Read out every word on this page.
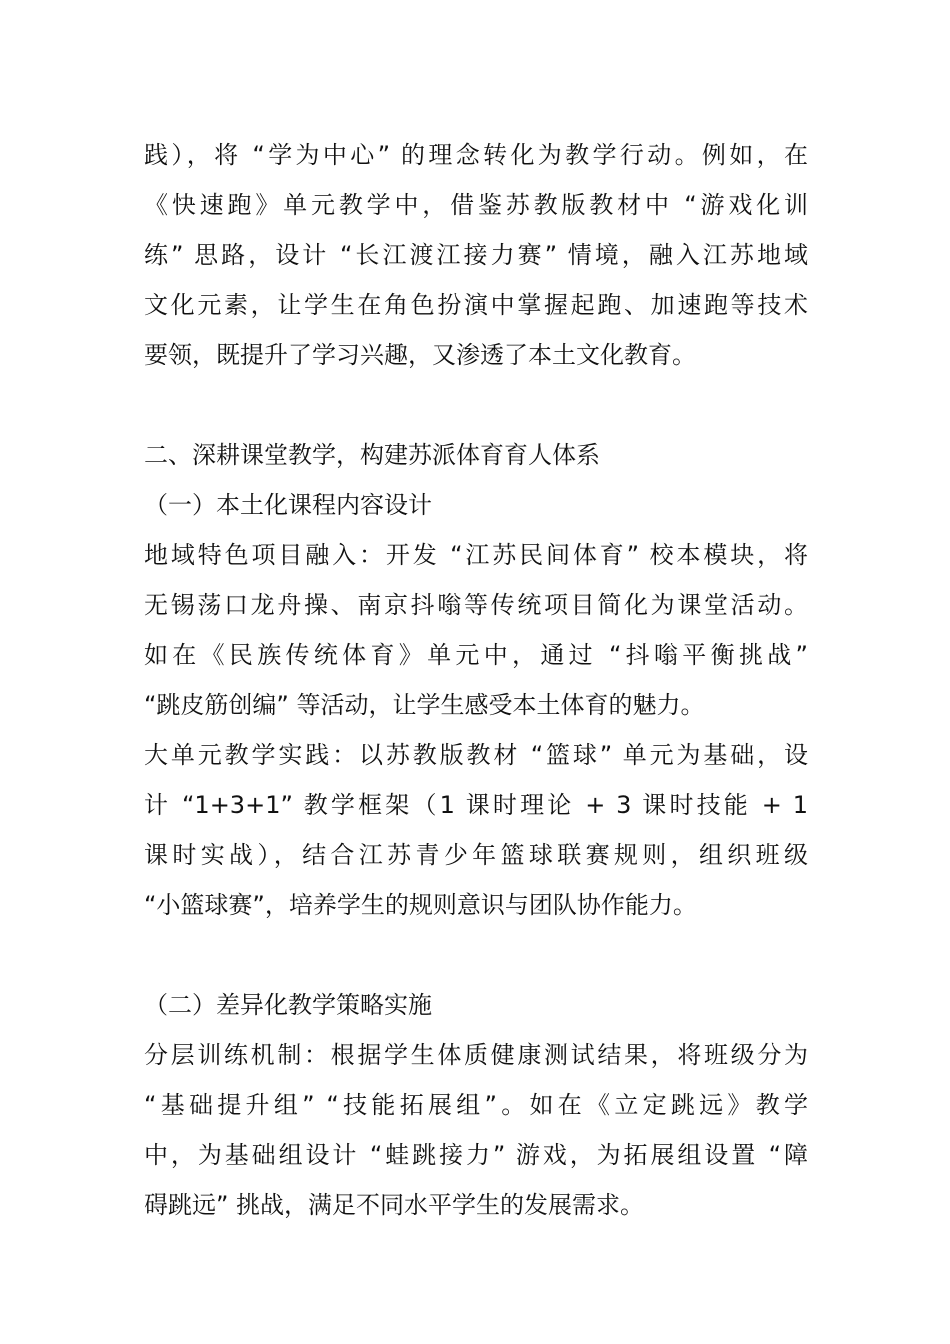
践），将 “学为中心” 的理念转化为教学行动。例如，在
《快速跑》单元教学中，借鉴苏教版教材中 “游戏化训
练” 思路，设计 “长江渡江接力赛” 情境，融入江苏地域
文化元素，让学生在角色扮演中掌握起跑、加速跑等技术
要领，既提升了学习兴趣，又渗透了本土文化教育。
二、深耕课堂教学，构建苏派体育育人体系
（一）本土化课程内容设计
地域特色项目融入：开发 “江苏民间体育” 校本模块，将
无锡荡口龙舟操、南京抖嗡等传统项目简化为课堂活动。
如在《民族传统体育》单元中，通过 “抖嗡平衡挑战”
“跳皮筋创编” 等活动，让学生感受本土体育的魅力。
大单元教学实践：以苏教版教材 “篮球” 单元为基础，设
计 “1+3+1” 教学框架（1 课时理论 + 3 课时技能 + 1
课时实战），结合江苏青少年篮球联赛规则，组织班级
“小篮球赛”，培养学生的规则意识与团队协作能力。
（二）差异化教学策略实施
分层训练机制：根据学生体质健康测试结果，将班级分为
“基础提升组” “技能拓展组”。如在《立定跳远》教学
中，为基础组设计 “蛙跳接力” 游戏，为拓展组设置 “障
碍跳远” 挑战，满足不同水平学生的发展需求。
